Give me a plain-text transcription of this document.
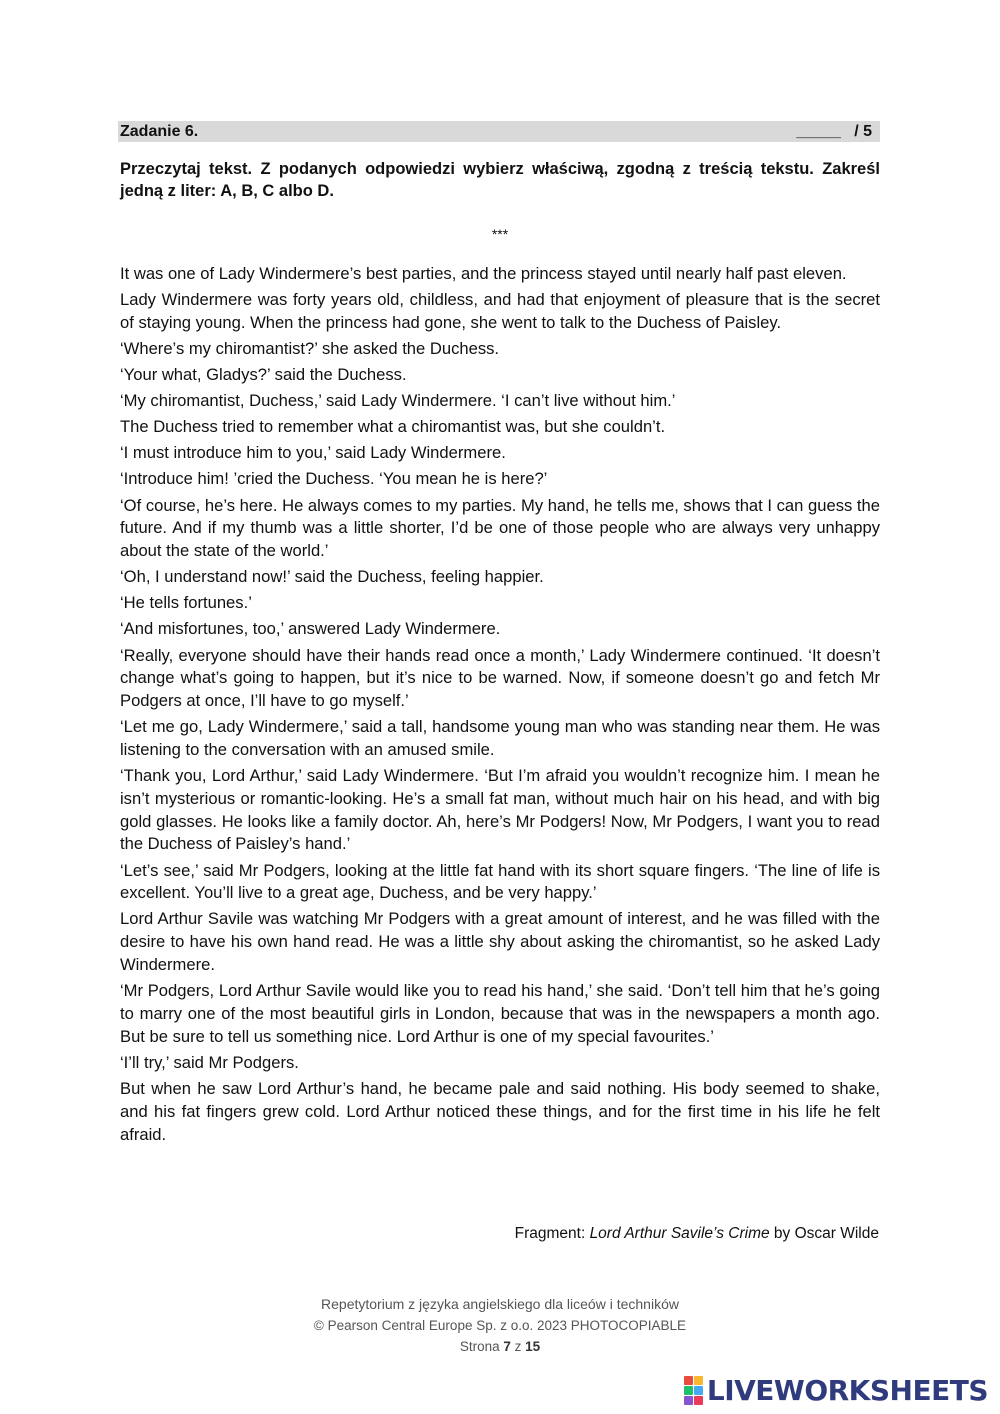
Zadanie 6.	_____ / 5
Przeczytaj tekst. Z podanych odpowiedzi wybierz właściwą, zgodną z treścią tekstu. Zakreśl jedną z liter: A, B, C albo D.
***

It was one of Lady Windermere’s best parties, and the princess stayed until nearly half past eleven.

Lady Windermere was forty years old, childless, and had that enjoyment of pleasure that is the secret of staying young. When the princess had gone, she went to talk to the Duchess of Paisley.

‘Where’s my chiromantist?’ she asked the Duchess.

‘Your what, Gladys?’ said the Duchess.

‘My chiromantist, Duchess,’ said Lady Windermere. ‘I can’t live without him.’

The Duchess tried to remember what a chiromantist was, but she couldn’t.

‘I must introduce him to you,’ said Lady Windermere.

‘Introduce him! ’cried the Duchess. ‘You mean he is here?’

‘Of course, he’s here. He always comes to my parties. My hand, he tells me, shows that I can guess the future. And if my thumb was a little shorter, I’d be one of those people who are always very unhappy about the state of the world.’

‘Oh, I understand now!’ said the Duchess, feeling happier.

‘He tells fortunes.’

‘And misfortunes, too,’ answered Lady Windermere.

‘Really, everyone should have their hands read once a month,’ Lady Windermere continued. ‘It doesn’t change what’s going to happen, but it’s nice to be warned. Now, if someone doesn’t go and fetch Mr Podgers at once, I’ll have to go myself.’

‘Let me go, Lady Windermere,’ said a tall, handsome young man who was standing near them. He was listening to the conversation with an amused smile.

‘Thank you, Lord Arthur,’ said Lady Windermere. ‘But I’m afraid you wouldn’t recognize him. I mean he isn’t mysterious or romantic-looking. He’s a small fat man, without much hair on his head, and with big gold glasses. He looks like a family doctor. Ah, here’s Mr Podgers! Now, Mr Podgers, I want you to read the Duchess of Paisley’s hand.’

‘Let’s see,’ said Mr Podgers, looking at the little fat hand with its short square fingers. ‘The line of life is excellent. You’ll live to a great age, Duchess, and be very happy.’

Lord Arthur Savile was watching Mr Podgers with a great amount of interest, and he was filled with the desire to have his own hand read. He was a little shy about asking the chiromantist, so he asked Lady Windermere.

‘Mr Podgers, Lord Arthur Savile would like you to read his hand,’ she said. ‘Don’t tell him that he’s going to marry one of the most beautiful girls in London, because that was in the newspapers a month ago. But be sure to tell us something nice. Lord Arthur is one of my special favourites.’

‘I’ll try,’ said Mr Podgers.

But when he saw Lord Arthur’s hand, he became pale and said nothing. His body seemed to shake, and his fat fingers grew cold. Lord Arthur noticed these things, and for the first time in his life he felt afraid.

Fragment: Lord Arthur Savile’s Crime by Oscar Wilde
Repetytorium z języka angielskiego dla liceów i techników
© Pearson Central Europe Sp. z o.o. 2023 PHOTOCOPIABLE
Strona 7 z 15
LIVEWORKSHEETS
